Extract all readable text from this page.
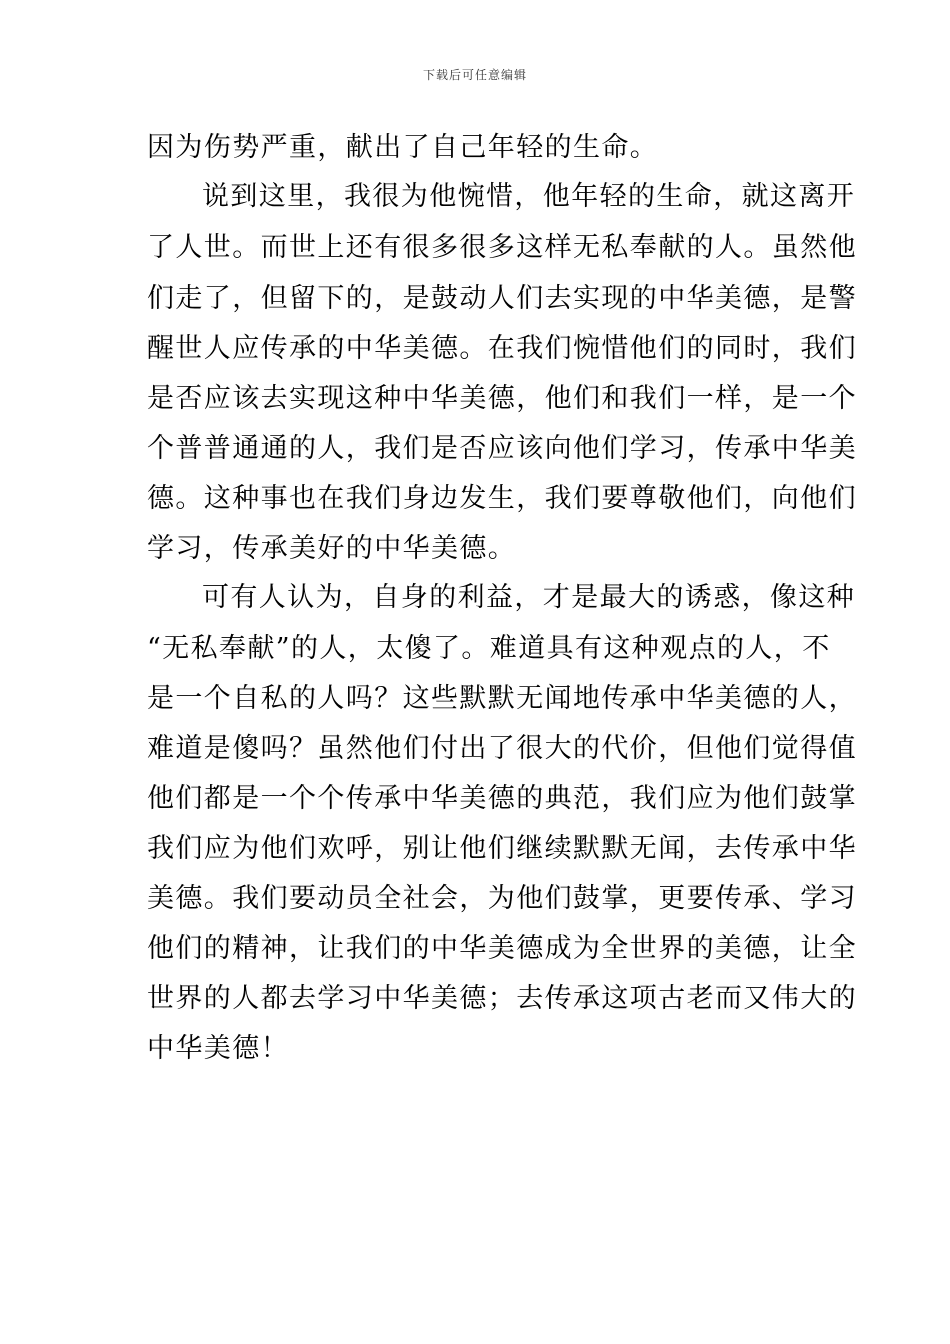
下载后可任意编辑
因为伤势严重，献出了自己年轻的生命。
说到这里，我很为他惋惜，他年轻的生命，就这离开
了人世。而世上还有很多很多这样无私奉献的人。虽然他
们走了，但留下的，是鼓动人们去实现的中华美德，是警
醒世人应传承的中华美德。在我们惋惜他们的同时，我们
是否应该去实现这种中华美德，他们和我们一样，是一个
个普普通通的人，我们是否应该向他们学习，传承中华美
德。这种事也在我们身边发生，我们要尊敬他们，向他们
学习，传承美好的中华美德。
可有人认为，自身的利益，才是最大的诱惑，像这种
“无私奉献”的人，太傻了。难道具有这种观点的人，不
是一个自私的人吗？这些默默无闻地传承中华美德的人，
难道是傻吗？虽然他们付出了很大的代价，但他们觉得值
他们都是一个个传承中华美德的典范，我们应为他们鼓掌
我们应为他们欢呼，别让他们继续默默无闻，去传承中华
美德。我们要动员全社会，为他们鼓掌，更要传承、学习
他们的精神，让我们的中华美德成为全世界的美德，让全
世界的人都去学习中华美德；去传承这项古老而又伟大的
中华美德！
